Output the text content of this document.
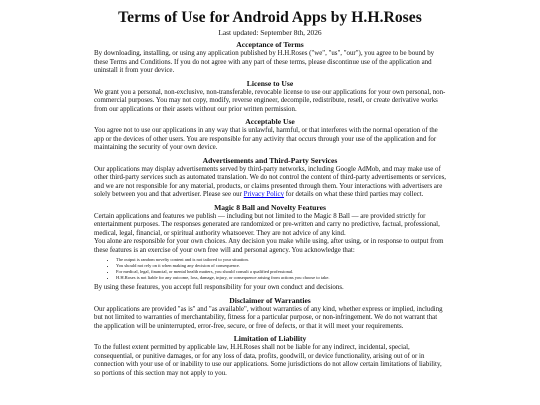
Terms of Use for Android Apps by H.H.Roses
Last updated: September 8th, 2026
Acceptance of Terms

By downloading, installing, or using any application published by H.H.Roses ("we", "us", "our"), you agree to be bound by these Terms and Conditions. If you do not agree with any part of these terms, please discontinue use of the application and uninstall it from your device.

License to Use

We grant you a personal, non-exclusive, non-transferable, revocable license to use our applications for your own personal, non-commercial purposes. You may not copy, modify, reverse engineer, decompile, redistribute, resell, or create derivative works from our applications or their assets without our prior written permission.

Acceptable Use

You agree not to use our applications in any way that is unlawful, harmful, or that interferes with the normal operation of the app or the devices of other users. You are responsible for any activity that occurs through your use of the application and for maintaining the security of your own device.

Advertisements and Third-Party Services

Our applications may display advertisements served by third-party networks, including Google AdMob, and may make use of other third-party services such as automated translation. We do not control the content of third-party advertisements or services, and we are not responsible for any material, products, or claims presented through them. Your interactions with advertisers are solely between you and that advertiser. Please see our Privacy Policy for details on what these third parties may collect.

Magic 8 Ball and Novelty Features

Certain applications and features we publish — including but not limited to the Magic 8 Ball — are provided strictly for entertainment purposes. The responses generated are randomized or pre-written and carry no predictive, factual, professional, medical, legal, financial, or spiritual authority whatsoever. They are not advice of any kind.

You alone are responsible for your own choices. Any decision you make while using, after using, or in response to output from these features is an exercise of your own free will and personal agency. You acknowledge that:

• The output is random novelty content and is not tailored to your situation.
• You should not rely on it when making any decision of consequence.
• For medical, legal, financial, or mental health matters, you should consult a qualified professional.
• H.H.Roses is not liable for any outcome, loss, damage, injury, or consequence arising from actions you choose to take.

By using these features, you accept full responsibility for your own conduct and decisions.

Disclaimer of Warranties

Our applications are provided "as is" and "as available", without warranties of any kind, whether express or implied, including but not limited to warranties of merchantability, fitness for a particular purpose, or non-infringement. We do not warrant that the application will be uninterrupted, error-free, secure, or free of defects, or that it will meet your requirements.

Limitation of Liability

To the fullest extent permitted by applicable law, H.H.Roses shall not be liable for any indirect, incidental, special, consequential, or punitive damages, or for any loss of data, profits, goodwill, or device functionality, arising out of or in connection with your use of or inability to use our applications. Some jurisdictions do not allow certain limitations of liability, so portions of this section may not apply to you.
